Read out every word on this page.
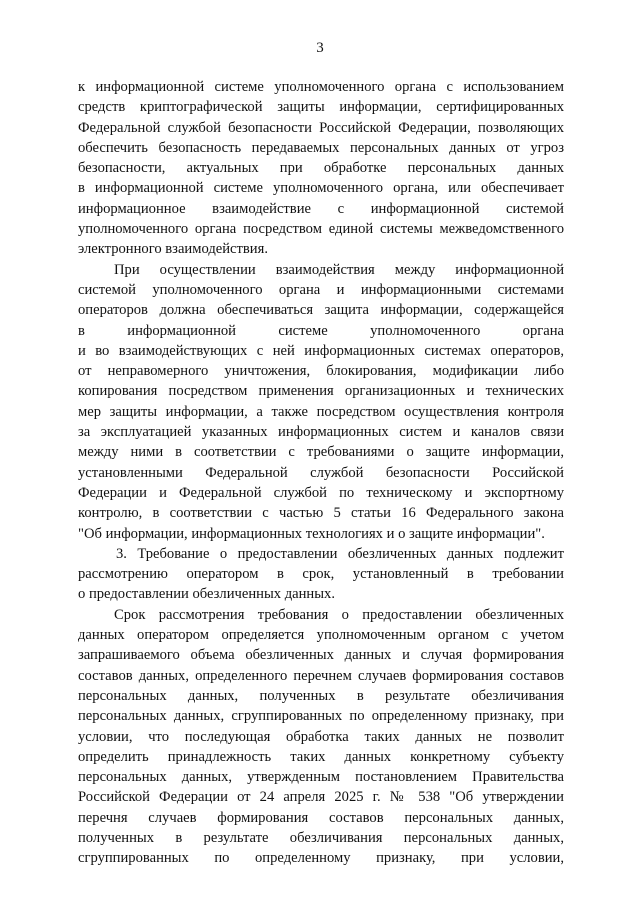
3
к информационной системе уполномоченного органа с использованием
средств криптографической защиты информации, сертифицированных
Федеральной службой безопасности Российской Федерации, позволяющих
обеспечить безопасность передаваемых персональных данных от угроз
безопасности, актуальных при обработке персональных данных
в информационной системе уполномоченного органа, или обеспечивает
информационное взаимодействие с информационной системой
уполномоченного органа посредством единой системы межведомственного
электронного взаимодействия.
При осуществлении взаимодействия между информационной
системой уполномоченного органа и информационными системами
операторов должна обеспечиваться защита информации, содержащейся
в информационной системе уполномоченного органа
и во взаимодействующих с ней информационных системах операторов,
от неправомерного уничтожения, блокирования, модификации либо
копирования посредством применения организационных и технических
мер защиты информации, а также посредством осуществления контроля
за эксплуатацией указанных информационных систем и каналов связи
между ними в соответствии с требованиями о защите информации,
установленными Федеральной службой безопасности Российской
Федерации и Федеральной службой по техническому и экспортному
контролю, в соответствии с частью 5 статьи 16 Федерального закона
"Об информации, информационных технологиях и о защите информации".
3. Требование о предоставлении обезличенных данных подлежит
рассмотрению оператором в срок, установленный в требовании
о предоставлении обезличенных данных.
Срок рассмотрения требования о предоставлении обезличенных
данных оператором определяется уполномоченным органом с учетом
запрашиваемого объема обезличенных данных и случая формирования
составов данных, определенного перечнем случаев формирования составов
персональных данных, полученных в результате обезличивания
персональных данных, сгруппированных по определенному признаку, при
условии, что последующая обработка таких данных не позволит
определить принадлежность таких данных конкретному субъекту
персональных данных, утвержденным постановлением Правительства
Российской Федерации от 24 апреля 2025 г. № 538 "Об утверждении
перечня случаев формирования составов персональных данных,
полученных в результате обезличивания персональных данных,
сгруппированных по определенному признаку, при условии,
